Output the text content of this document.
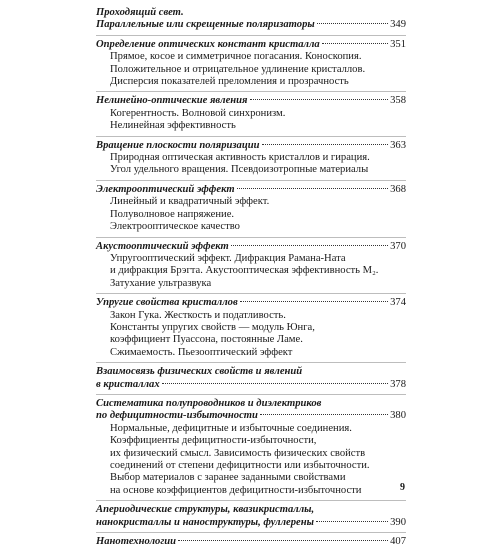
Проходящий свет.
Параллельные или скрещенные поляризаторы	349
Определение оптических констант кристалла	351
Прямое, косое и симметричное погасания. Коноскопия.
Положительное и отрицательное удлинение кристаллов.
Дисперсия показателей преломления и прозрачность
Нелинейно-оптические явления	358
Когерентность. Волновой синхронизм.
Нелинейная эффективность
Вращение плоскости поляризации	363
Природная оптическая активность кристаллов и гирация.
Угол удельного вращения. Псевдоизотропные материалы
Электрооптический эффект	368
Линейный и квадратичный эффект.
Полуволновое напряжение.
Электрооптическое качество
Акустооптический эффект	370
Упругооптический эффект. Дифракция Рамана-Ната
и дифракция Брэгта. Акустооптическая эффективность M₂.
Затухание ультразвука
Упругие свойства кристаллов	374
Закон Гука. Жесткость и податливость.
Константы упругих свойств — модуль Юнга,
коэффициент Пуассона, постоянные Ламе.
Сжимаемость. Пьезооптический эффект
Взаимосвязь физических свойств и явлений
в кристаллах	378
Систематика полупроводников и диэлектриков
по дефицитности-избыточности	380
Нормальные, дефицитные и избыточные соединения.
Коэффициенты дефицитности-избыточности,
их физический смысл. Зависимость физических свойств
соединений от степени дефицитности или избыточности.
Выбор материалов с заранее заданными свойствами
на основе коэффициентов дефицитности-избыточности
Апериодические структуры, квазикристаллы,
нанокристаллы и наноструктуры, фуллерены	390
Нанотехнологии	407
9
